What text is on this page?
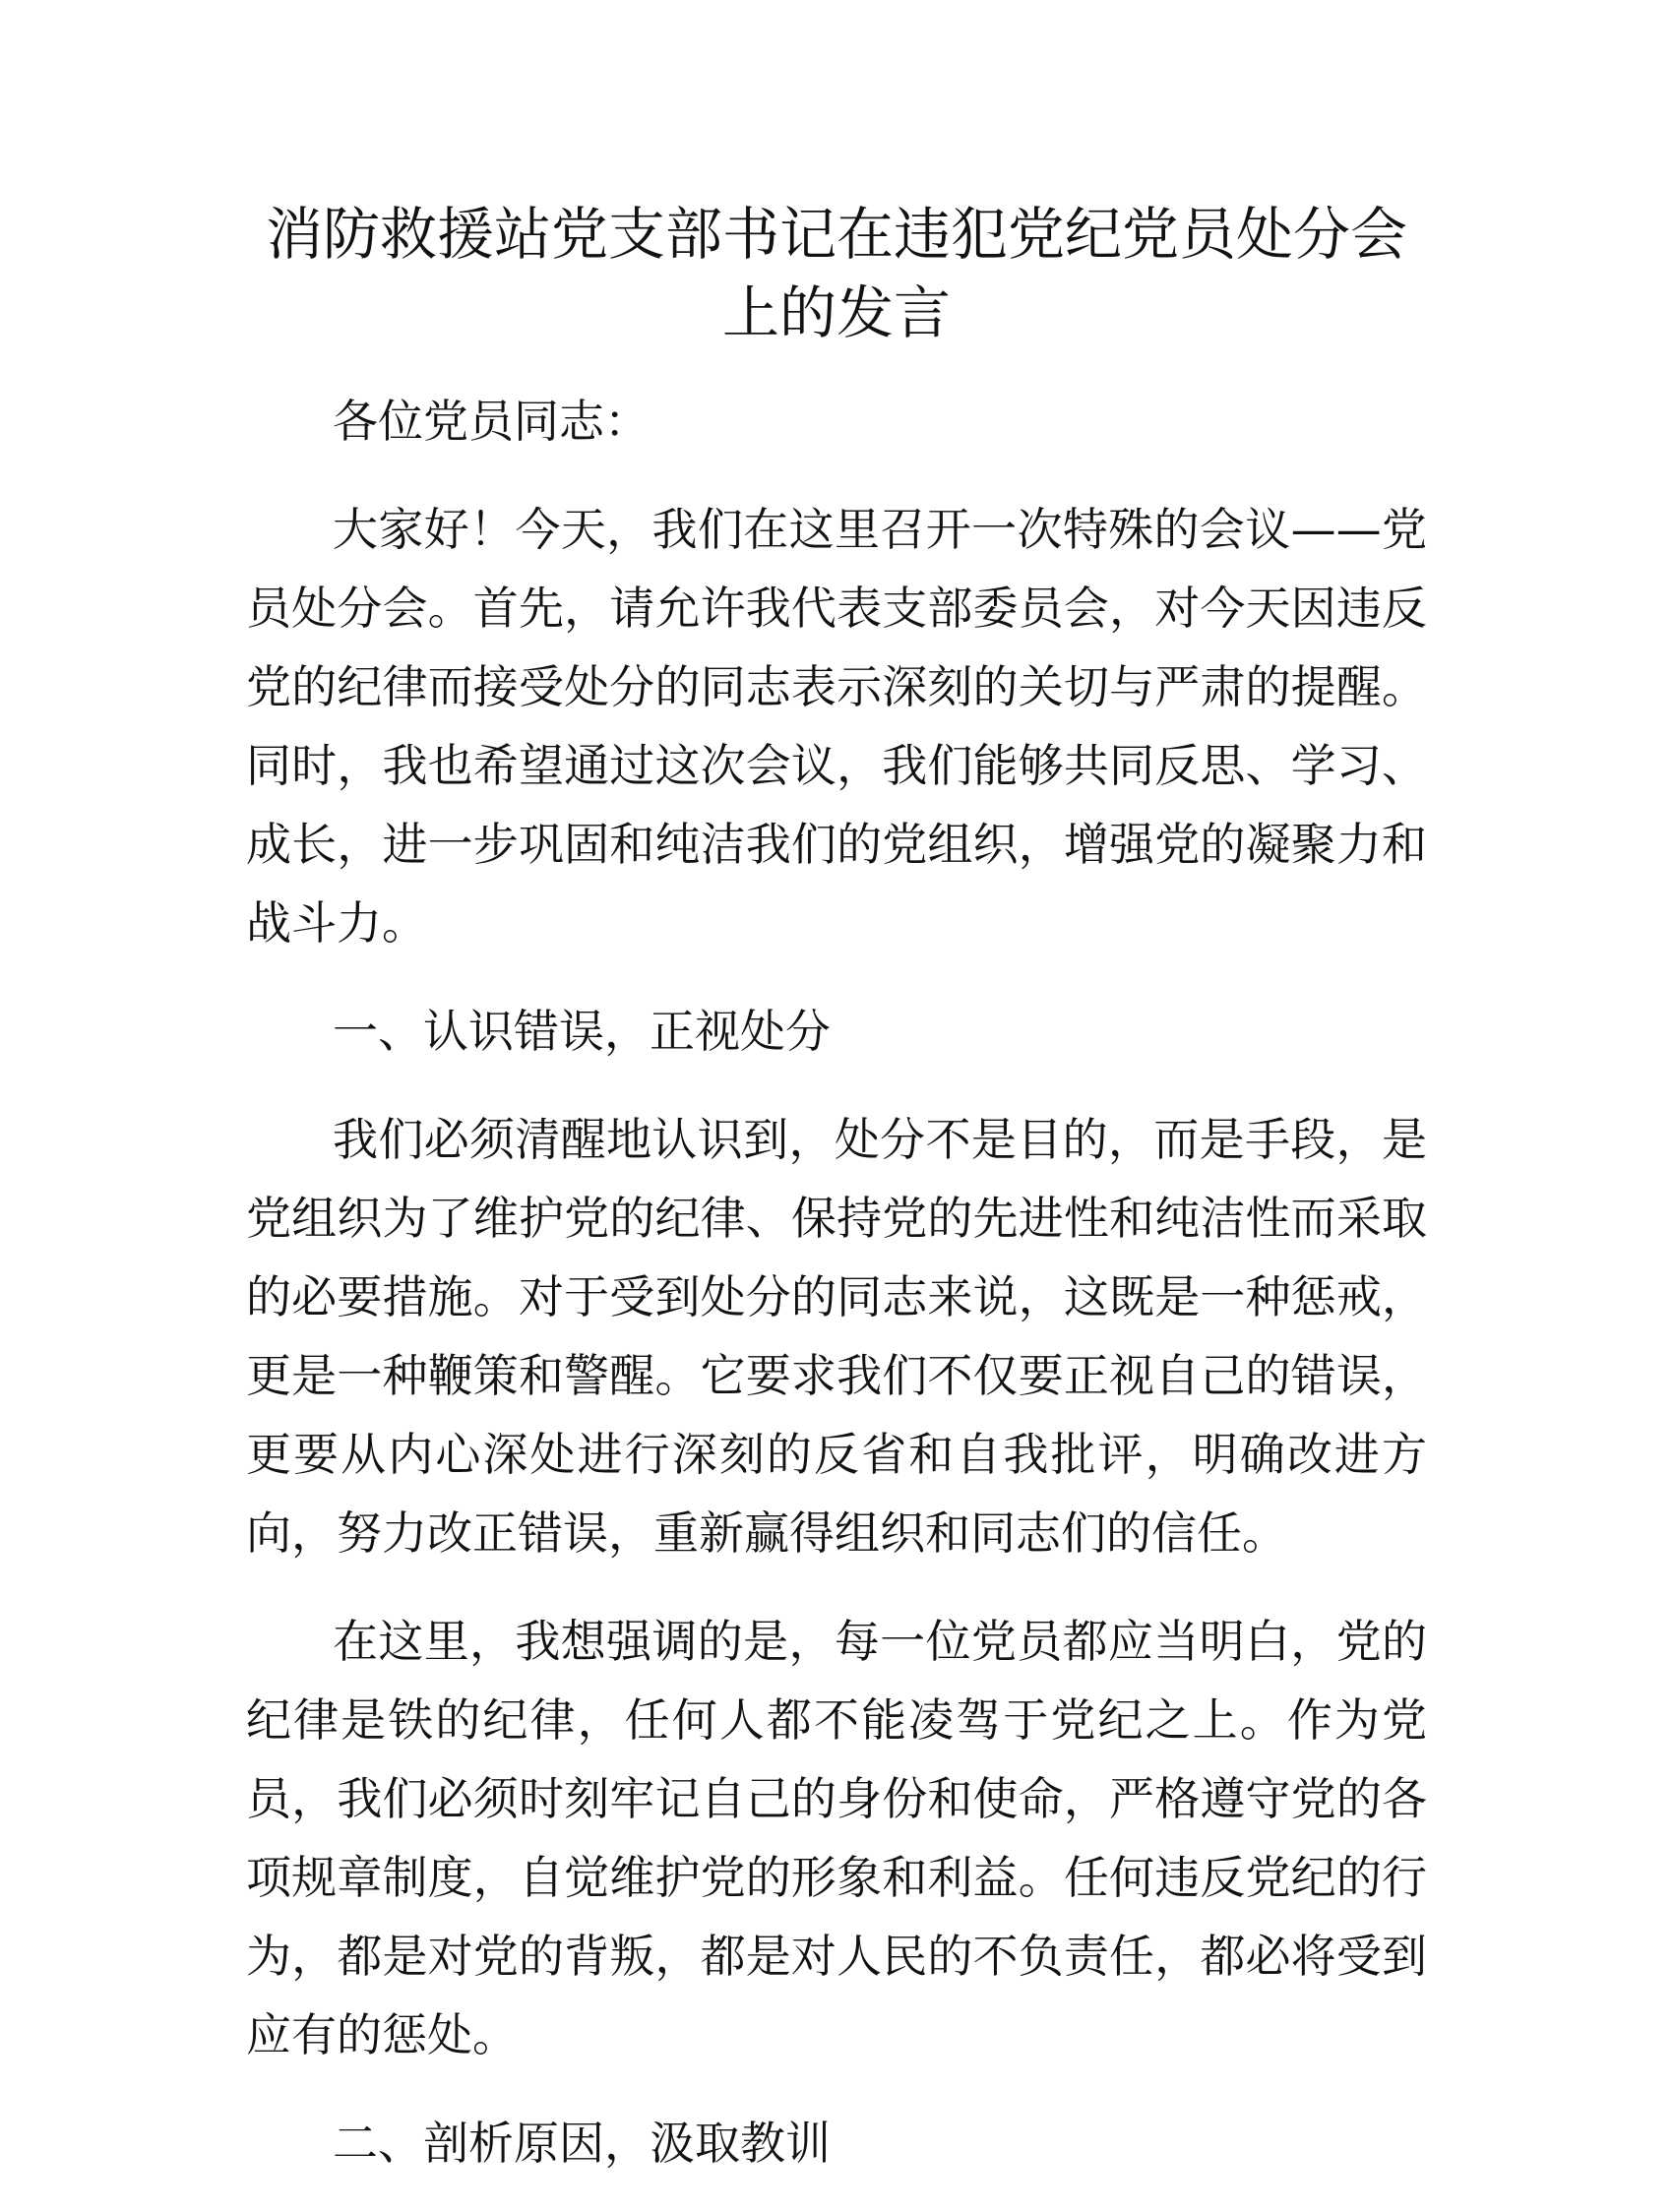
消防救援站党支部书记在违犯党纪党员处分会
上的发言

各位党员同志：

大家好！今天，我们在这里召开一次特殊的会议——党员处分会。首先，请允许我代表支部委员会，对今天因违反党的纪律而接受处分的同志表示深刻的关切与严肃的提醒。同时，我也希望通过这次会议，我们能够共同反思、学习、成长，进一步巩固和纯洁我们的党组织，增强党的凝聚力和战斗力。

一、认识错误，正视处分

我们必须清醒地认识到，处分不是目的，而是手段，是党组织为了维护党的纪律、保持党的先进性和纯洁性而采取的必要措施。对于受到处分的同志来说，这既是一种惩戒，更是一种鞭策和警醒。它要求我们不仅要正视自己的错误，更要从内心深处进行深刻的反省和自我批评，明确改进方向，努力改正错误，重新赢得组织和同志们的信任。

在这里，我想强调的是，每一位党员都应当明白，党的纪律是铁的纪律，任何人都不能凌驾于党纪之上。作为党员，我们必须时刻牢记自己的身份和使命，严格遵守党的各项规章制度，自觉维护党的形象和利益。任何违反党纪的行为，都是对党的背叛，都是对人民的不负责任，都必将受到应有的惩处。

二、剖析原因，汲取教训
